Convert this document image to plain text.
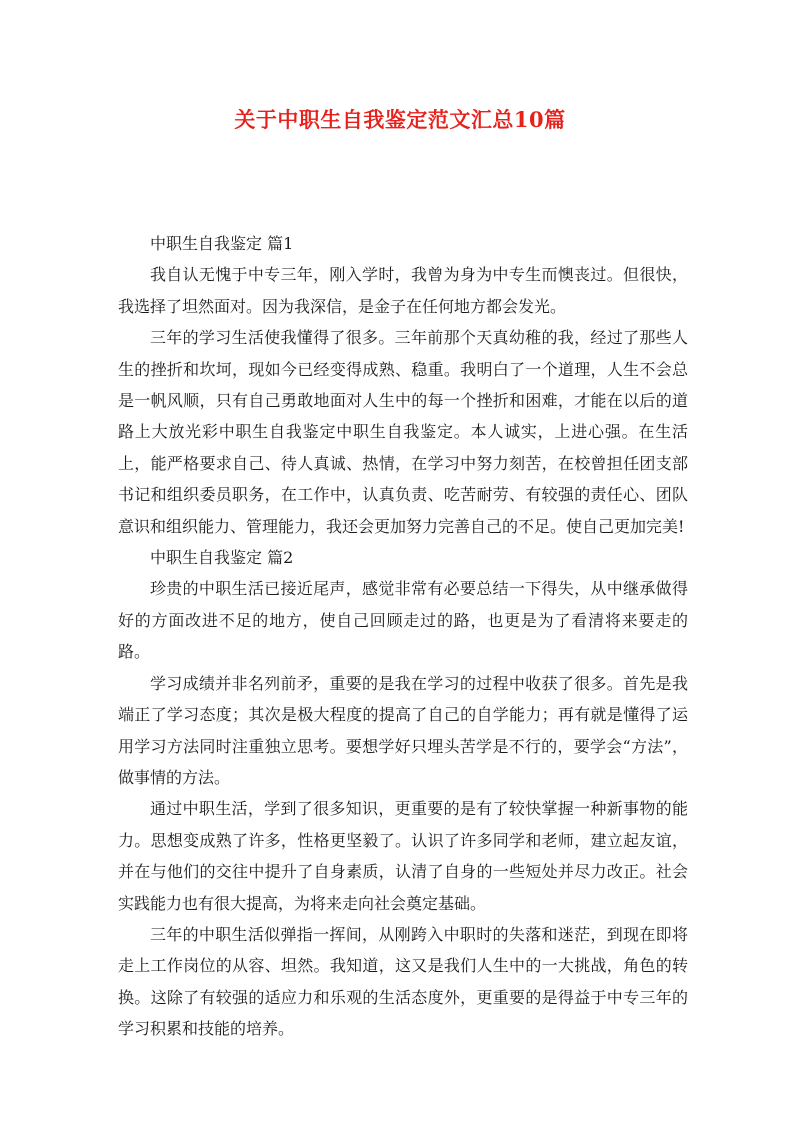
关于中职生自我鉴定范文汇总10篇

中职生自我鉴定 篇1

我自认无愧于中专三年，刚入学时，我曾为身为中专生而懊丧过。但很快，我选择了坦然面对。因为我深信，是金子在任何地方都会发光。

三年的学习生活使我懂得了很多。三年前那个天真幼稚的我，经过了那些人生的挫折和坎坷，现如今已经变得成熟、稳重。我明白了一个道理，人生不会总是一帆风顺，只有自己勇敢地面对人生中的每一个挫折和困难，才能在以后的道路上大放光彩中职生自我鉴定中职生自我鉴定。本人诚实，上进心强。在生活上，能严格要求自己、待人真诚、热情，在学习中努力刻苦，在校曾担任团支部书记和组织委员职务，在工作中，认真负责、吃苦耐劳、有较强的责任心、团队意识和组织能力、管理能力，我还会更加努力完善自己的不足。使自己更加完美!

中职生自我鉴定 篇2

珍贵的中职生活已接近尾声，感觉非常有必要总结一下得失，从中继承做得好的方面改进不足的地方，使自己回顾走过的路，也更是为了看清将来要走的路。

学习成绩并非名列前矛，重要的是我在学习的过程中收获了很多。首先是我端正了学习态度；其次是极大程度的提高了自己的自学能力；再有就是懂得了运用学习方法同时注重独立思考。要想学好只埋头苦学是不行的，要学会“方法”，做事情的方法。

通过中职生活，学到了很多知识，更重要的是有了较快掌握一种新事物的能力。思想变成熟了许多，性格更坚毅了。认识了许多同学和老师，建立起友谊，并在与他们的交往中提升了自身素质，认清了自身的一些短处并尽力改正。社会实践能力也有很大提高，为将来走向社会奠定基础。

三年的中职生活似弹指一挥间，从刚跨入中职时的失落和迷茫，到现在即将走上工作岗位的从容、坦然。我知道，这又是我们人生中的一大挑战，角色的转换。这除了有较强的适应力和乐观的生活态度外，更重要的是得益于中专三年的学习积累和技能的培养。
